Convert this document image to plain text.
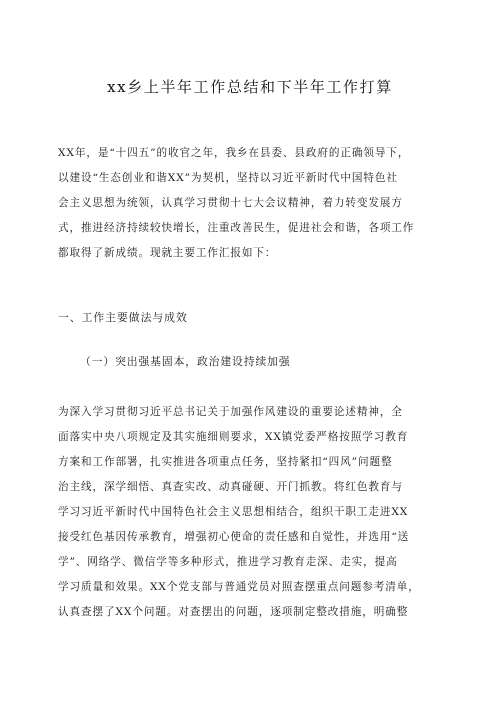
xx乡上半年工作总结和下半年工作打算
XX年，是“十四五”的收官之年，我乡在县委、县政府的正确领导下，
以建设“生态创业和谐XX”为契机，坚持以习近平新时代中国特色社
会主义思想为统领，认真学习贯彻十七大会议精神，着力转变发展方
式，推进经济持续较快增长，注重改善民生，促进社会和谐，各项工作
都取得了新成绩。现就主要工作汇报如下：
一、工作主要做法与成效
（一）突出强基固本，政治建设持续加强
为深入学习贯彻习近平总书记关于加强作风建设的重要论述精神，全
面落实中央八项规定及其实施细则要求，XX镇党委严格按照学习教育
方案和工作部署，扎实推进各项重点任务，坚持紧扣“四风”问题整
治主线，深学细悟、真查实改、动真碰硬、开门抓教。将红色教育与
学习习近平新时代中国特色社会主义思想相结合，组织干职工走进XX
接受红色基因传承教育，增强初心使命的责任感和自觉性，并选用“送
学”、网络学、微信学等多种形式，推进学习教育走深、走实，提高
学习质量和效果。XX个党支部与普通党员对照查摆重点问题参考清单，
认真查摆了XX个问题。对查摆出的问题，逐项制定整改措施，明确整
